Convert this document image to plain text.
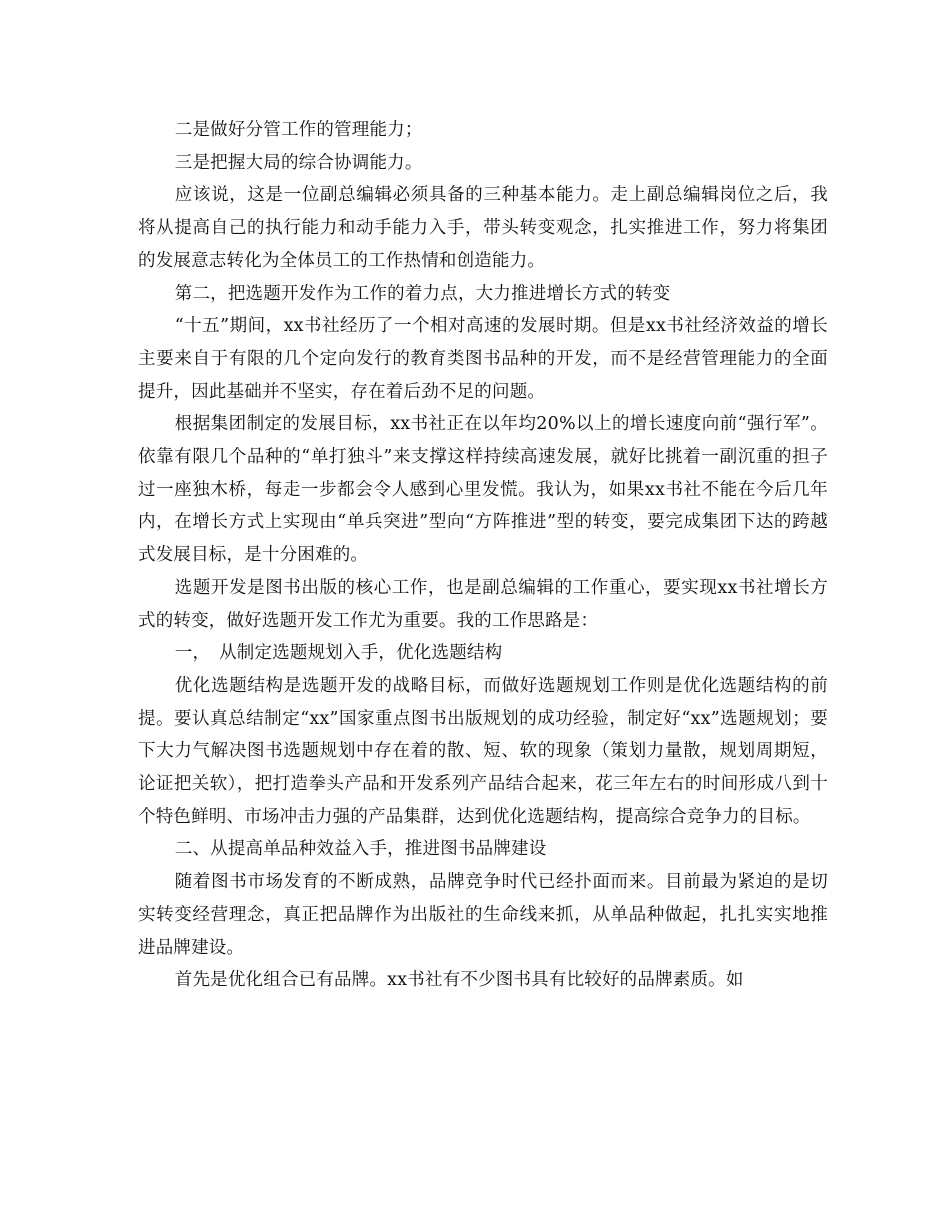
二是做好分管工作的管理能力；

三是把握大局的综合协调能力。

应该说，这是一位副总编辑必须具备的三种基本能力。走上副总编辑岗位之后，我将从提高自己的执行能力和动手能力入手，带头转变观念，扎实推进工作，努力将集团的发展意志转化为全体员工的工作热情和创造能力。

第二，把选题开发作为工作的着力点，大力推进增长方式的转变

“十五”期间，xx书社经历了一个相对高速的发展时期。但是xx书社经济效益的增长主要来自于有限的几个定向发行的教育类图书品种的开发，而不是经营管理能力的全面提升，因此基础并不坚实，存在着后劲不足的问题。

根据集团制定的发展目标，xx书社正在以年均20%以上的增长速度向前“强行军”。依靠有限几个品种的“单打独斗”来支撑这样持续高速发展，就好比挑着一副沉重的担子过一座独木桥，每走一步都会令人感到心里发慌。我认为，如果xx书社不能在今后几年内，在增长方式上实现由“单兵突进”型向“方阵推进”型的转变，要完成集团下达的跨越式发展目标，是十分困难的。

选题开发是图书出版的核心工作，也是副总编辑的工作重心，要实现xx书社增长方式的转变，做好选题开发工作尤为重要。我的工作思路是：

一，　从制定选题规划入手，优化选题结构

优化选题结构是选题开发的战略目标，而做好选题规划工作则是优化选题结构的前提。要认真总结制定“xx”国家重点图书出版规划的成功经验，制定好“xx”选题规划；要下大力气解决图书选题规划中存在着的散、短、软的现象（策划力量散，规划周期短，论证把关软），把打造拳头产品和开发系列产品结合起来，花三年左右的时间形成八到十个特色鲜明、市场冲击力强的产品集群，达到优化选题结构，提高综合竞争力的目标。

二、从提高单品种效益入手，推进图书品牌建设

随着图书市场发育的不断成熟，品牌竞争时代已经扑面而来。目前最为紧迫的是切实转变经营理念，真正把品牌作为出版社的生命线来抓，从单品种做起，扎扎实实地推进品牌建设。

首先是优化组合已有品牌。xx书社有不少图书具有比较好的品牌素质。如
